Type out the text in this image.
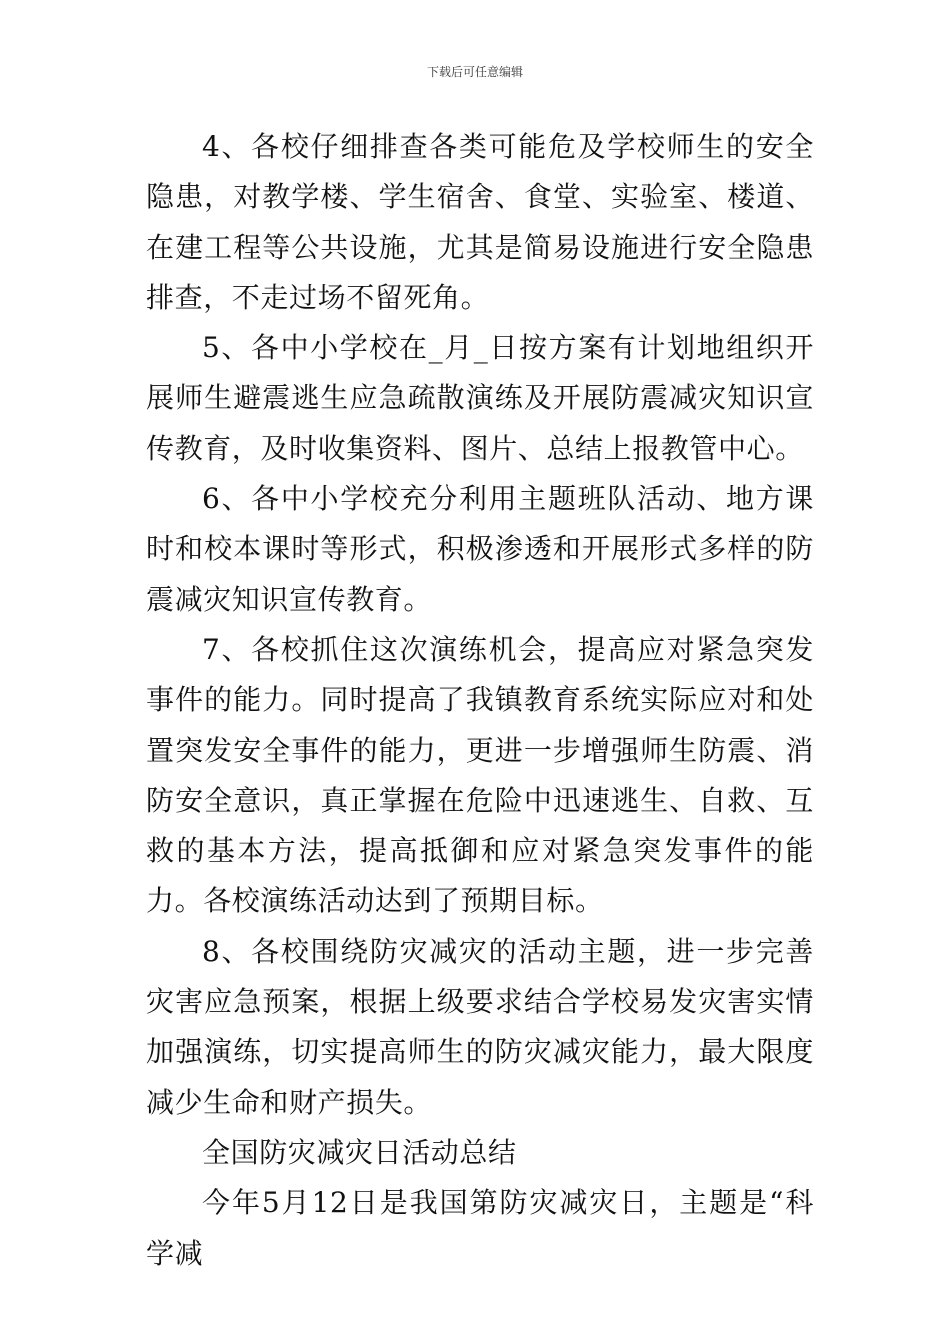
下载后可任意编辑

4、各校仔细排查各类可能危及学校师生的安全隐患，对教学楼、学生宿舍、食堂、实验室、楼道、在建工程等公共设施，尤其是简易设施进行安全隐患排查，不走过场不留死角。

5、各中小学校在_月_日按方案有计划地组织开展师生避震逃生应急疏散演练及开展防震减灾知识宣传教育，及时收集资料、图片、总结上报教管中心。

6、各中小学校充分利用主题班队活动、地方课时和校本课时等形式，积极渗透和开展形式多样的防震减灾知识宣传教育。

7、各校抓住这次演练机会，提高应对紧急突发事件的能力。同时提高了我镇教育系统实际应对和处置突发安全事件的能力，更进一步增强师生防震、消防安全意识，真正掌握在危险中迅速逃生、自救、互救的基本方法，提高抵御和应对紧急突发事件的能力。各校演练活动达到了预期目标。

8、各校围绕防灾减灾的活动主题，进一步完善灾害应急预案，根据上级要求结合学校易发灾害实情加强演练，切实提高师生的防灾减灾能力，最大限度减少生命和财产损失。

全国防灾减灾日活动总结

今年5月12日是我国第防灾减灾日，主题是“科学减
